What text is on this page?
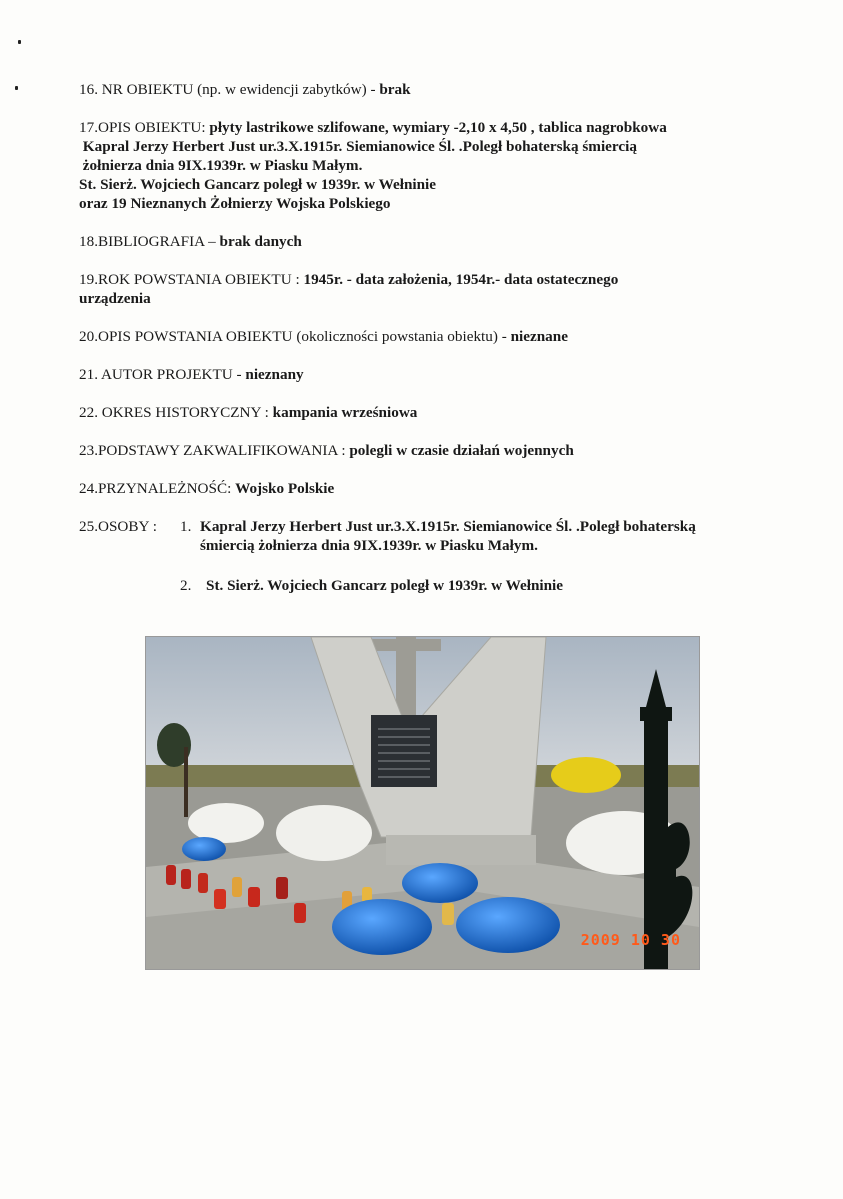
16. NR OBIEKTU (np. w ewidencji zabytków) - brak
17.OPIS OBIEKTU: płyty lastrikowe szlifowane, wymiary -2,10 x 4,50 , tablica nagrobkowa
Kapral Jerzy Herbert Just ur.3.X.1915r. Siemianowice Śl. .Poległ bohaterską śmiercią
żołnierza dnia 9IX.1939r. w Piasku Małym.
St. Sierż. Wojciech Gancarz poległ w 1939r. w Wełninie
oraz 19 Nieznanych Żołnierzy Wojska Polskiego
18.BIBLIOGRAFIA – brak danych
19.ROK POWSTANIA OBIEKTU : 1945r. - data założenia, 1954r.- data ostatecznego
urządzenia
20.OPIS POWSTANIA OBIEKTU (okoliczności powstania obiektu) - nieznane
21. AUTOR PROJEKTU - nieznany
22. OKRES HISTORYCZNY : kampania wrześniowa
23.PODSTAWY ZAKWALIFIKOWANIA : polegli w czasie działań wojennych
24.PRZYNALEŻNOŚĆ: Wojsko Polskie
25.OSOBY :	1. Kapral Jerzy Herbert Just ur.3.X.1915r. Siemianowice Śl. .Poległ bohaterską
śmiercią żołnierza dnia 9IX.1939r. w Piasku Małym.
2. St. Sierż. Wojciech Gancarz poległ w 1939r. w Wełninie
2009 10 30
